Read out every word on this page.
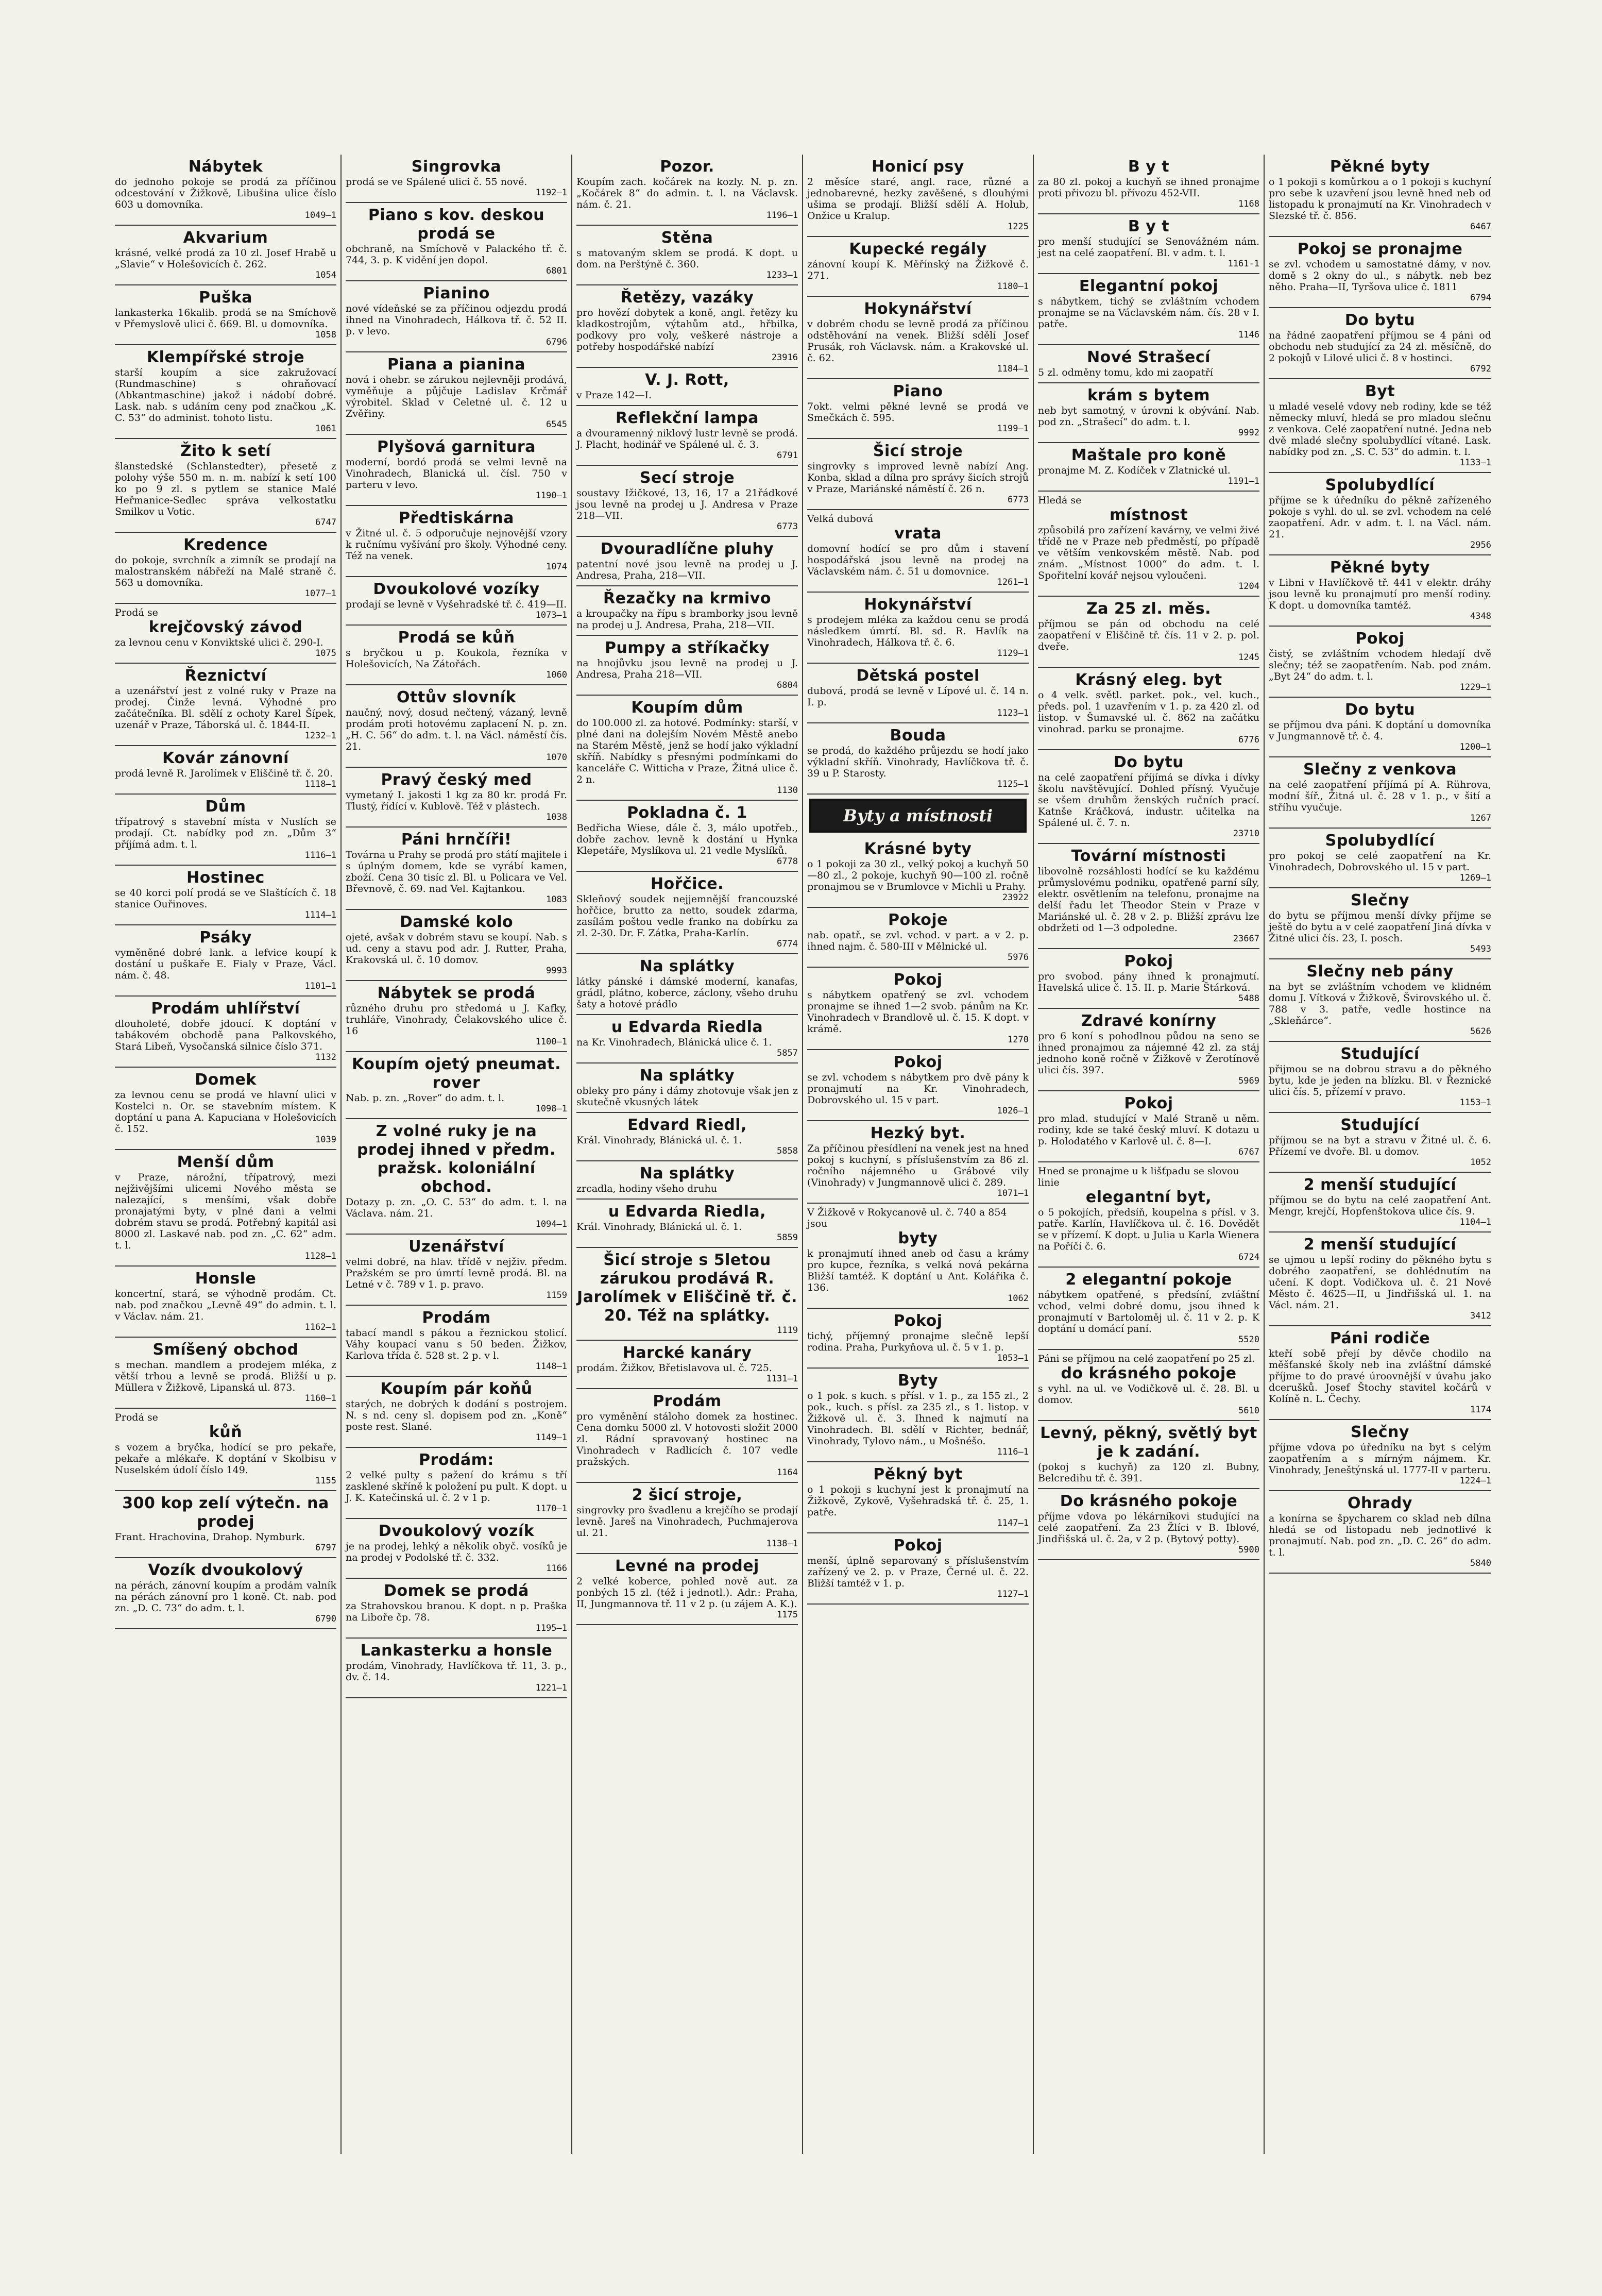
Nábytek

do jednoho pokoje se prodá za příčinou odcestování v Žižkově, Libušina ulice číslo 603 u domovníka.

1049—1
Akvarium

krásné, velké prodá za 10 zl. Josef Hrabě u „Slavie“ v Holešovicích č. 262.

1054
Puška

lankasterka 16kalib. prodá se na Smíchově v Přemyslově ulici č. 669. Bl. u domovníka.

1058
Klempířské stroje

starší koupím a sice zakružovací (Rundmaschine) s ohraňovací (Abkantmaschine) jakož i nádobí dobré. Lask. nab. s udáním ceny pod značkou „K. C. 53“ do administ. tohoto listu.

1061
Žito k setí

šlanstedské (Schlanstedter), přesetě z polohy výše 550 m. n. m. nabízí k setí 100 ko po 9 zl. s pytlem se stanice Malé Heřmanice-Sedlec správa velkostatku Smilkov u Votic.

6747
Kredence

do pokoje, svrchník a zimník se prodají na malostranském nábřeží na Malé straně č. 563 u domovníka.

1077—1
Prodá se
krejčovský závod

za levnou cenu v Konviktské ulici č. 290-I.

1075
Řeznictví

a uzenářství jest z volné ruky v Praze na prodej. Činže levná. Výhodné pro začátečníka. Bl. sdělí z ochoty Karel Šípek, uzenář v Praze, Táborská ul. č. 1844-II.

1232—1
Kovár zánovní

prodá levně R. Jarolímek v Eliščině tř. č. 20.

1118—1
Dům

třípatrový s stavební místa v Nuslích se prodají. Ct. nabídky pod zn. „Dům 3“ příjímá adm. t. l.

1116—1
Hostinec

se 40 korci polí prodá se ve Slaštících č. 18 stanice Ouřinoves.

1114—1
Psáky

vyměněné dobré lank. a lefvice koupí k dostání u puškaře E. Fialy v Praze, Václ. nám. č. 48.

1101—1
Prodám uhlířství

dlouholeté, dobře jdoucí. K doptání v tabákovém obchodě pana Palkovského, Stará Libeň, Vysočanská silnice číslo 371.

1132
Domek

za levnou cenu se prodá ve hlavní ulici v Kostelci n. Or. se stavebním místem. K doptání u pana A. Kapuciana v Holešovicích č. 152.

1039
Menší dům

v Praze, nárožní, třípatrový, mezi nejživějšími ulicemi Nového města se nalezající, s menšími, však dobře pronajatými byty, v plné dani a velmi dobrém stavu se prodá. Potřebný kapitál asi 8000 zl. Laskavé nab. pod zn. „C. 62“ adm. t. l.

1128—1
Honsle

koncertní, stará, se výhodně prodám. Ct. nab. pod značkou „Levně 49“ do admin. t. l. v Václav. nám. 21.

1162—1
Smíšený obchod

s mechan. mandlem a prodejem mléka, z větší trhou a levně se prodá. Bližší u p. Müllera v Žižkově, Lipanská ul. 873.

1160—1
Prodá se
kůň

s vozem a bryčka, hodící se pro pekaře, pekaře a mlékaře. K doptání v Skolbisu v Nuselském údolí číslo 149.

1155
300 kop zelí výtečn. na prodej

Frant. Hrachovina, Drahop. Nymburk.

6797
Vozík dvoukolový

na pérách, zánovní koupím a prodám valník na pérách zánovní pro 1 koně. Ct. nab. pod zn. „D. C. 73“ do adm. t. l.

6790
Singrovka

prodá se ve Spálené ulici č. 55 nové.

1192—1
Piano s kov. deskou prodá se

obchraně, na Smíchově v Palackého tř. č. 744, 3. p. K vidění jen dopol.

6801
Pianino

nové vídeňské se za příčinou odjezdu prodá ihned na Vinohradech, Hálkova tř. č. 52 II. p. v levo.

6796
Piana a pianina

nová i ohebr. se zárukou nejlevněji prodává, vyměňuje a půjčuje Ladislav Krčmář výrobitel. Sklad v Celetné ul. č. 12 u Zvěřiny.

6545
Plyšová garnitura

moderní, bordó prodá se velmi levně na Vinohradech, Blanická ul. čísl. 750 v parteru v levo.

1190—1
Předtiskárna

v Žitné ul. č. 5 odporučuje nejnovější vzory k ručnímu vyšívání pro školy. Výhodné ceny. Též na venek.

1074
Dvoukolové vozíky

prodají se levně v Vyšehradské tř. č. 419—II.

1073—1
Prodá se kůň

s bryčkou u p. Koukola, řezníka v Holešovicích, Na Zátořách.

1060
Ottův slovník

naučný, nový, dosud nečtený, vázaný, levně prodám proti hotovému zaplacení N. p. zn. „H. C. 56“ do adm. t. l. na Václ. náměstí čís. 21.

1070
Pravý český med

vymetaný I. jakosti 1 kg za 80 kr. prodá Fr. Tlustý, řídící v. Kublově. Též v plástech.

1038
Páni hrnčíři!

Továrna u Prahy se prodá pro státí majitele i s úplným domem, kde se vyrábí kamen, zboží. Cena 30 tisíc zl. Bl. u Policara ve Vel. Břevnově, č. 69. nad Vel. Kajtankou.

1083
Damské kolo

ojeté, avšak v dobrém stavu se koupí. Nab. s ud. ceny a stavu pod adr. J. Rutter, Praha, Krakovská ul. č. 10 domov.

9993
Nábytek se prodá

různého druhu pro středomá u J. Kafky, truhláře, Vinohrady, Čelakovského ulice č. 16

1100—1
Koupím ojetý pneumat. rover

Nab. p. zn. „Rover“ do adm. t. l.

1098—1
Z volné ruky je na prodej ihned v předm. pražsk. koloniální obchod.

Dotazy p. zn. „O. C. 53“ do adm. t. l. na Václava. nám. 21.

1094—1
Uzenářství

velmi dobré, na hlav. třídě v nejživ. předm. Pražském se pro úmrtí levně prodá. Bl. na Letné v č. 789 v 1. p. pravo.

1159
Prodám

tabací mandl s pákou a řeznickou stolicí. Váhy koupací vanu s 50 beden. Žižkov, Karlova třída č. 528 st. 2 p. v l.

1148—1
Koupím pár koňů

starých, ne dobrých k dodání s postrojem. N. s nd. ceny sl. dopisem pod zn. „Koně“ poste rest. Slané.

1149—1
Prodám:

2 velké pulty s pažení do krámu s tří zasklené skříně k položení pu pult. K dopt. u J. K. Katečinská ul. č. 2 v 1 p.

1170—1
Dvoukolový vozík

je na prodej, lehký a několik obyč. vosíků je na prodej v Podolské tř. č. 332.

1166
Domek se prodá

za Strahovskou branou. K dopt. n p. Praška na Liboře čp. 78.

1195—1
Lankasterku a honsle

prodám, Vinohrady, Havlíčkova tř. 11, 3. p., dv. č. 14.

1221—1
Pozor.

Koupím zach. kočárek na kozly. N. p. zn. „Kočárek 8“ do admin. t. l. na Václavsk. nám. č. 21.

1196—1
Stěna

s matovaným sklem se prodá. K dopt. u dom. na Perštýně č. 360.

1233—1
Řetězy, vazáky

pro hovězí dobytek a koně, angl. řetězy ku kladkostrojům, výtahům atd., hřbilka, podkovy pro voly, veškeré nástroje a potřeby hospodářské nabízí

23916
V. J. Rott,

v Praze 142—I.

Reflekční lampa

a dvouramenný niklový lustr levně se prodá. J. Placht, hodinář ve Spálené ul. č. 3.

6791
Secí stroje

soustavy Ižičkové, 13, 16, 17 a 21řádkové jsou levně na prodej u J. Andresa v Praze 218—VII.

6773
Dvouradlíčne pluhy

patentní nové jsou levně na prodej u J. Andresa, Praha, 218—VII.

Řezačky na krmivo

a kroupačky na řípu s bramborky jsou levně na prodej u J. Andresa, Praha, 218—VII.

Pumpy a stříkačky

na hnojůvku jsou levně na prodej u J. Andresa, Praha 218—VII.

6804
Koupím dům

do 100.000 zl. za hotové. Podmínky: starší, v plné dani na dolejším Novém Městě anebo na Starém Městě, jenž se hodí jako výkladní skříň. Nabídky s přesnými podmínkami do kanceláře C. Witticha v Praze, Žitná ulice č. 2 n.

1130
Pokladna č. 1

Bedřicha Wiese, dále č. 3, málo upotřeb., dobře zachov. levně k dostání u Hynka Klepetáře, Myslíkova ul. 21 vedle Myslíků.

6778
Hořčice.

Skleňový soudek nejjemnější francouzské hořčice, brutto za netto, soudek zdarma, zasílám poštou vedle franko na dobírku za zl. 2-30. Dr. F. Zátka, Praha-Karlín.

6774
Na splátky

látky pánské i dámské moderní, kanafas, grádl, plátno, koberce, záclony, všeho druhu šaty a hotové prádlo

u Edvarda Riedla

na Kr. Vinohradech, Blánická ulice č. 1.

5857
Na splátky

obleky pro pány i dámy zhotovuje však jen z skutečně vkusných látek

Edvard Riedl,

Král. Vinohrady, Blánická ul. č. 1.

5858
Na splátky

zrcadla, hodiny všeho druhu

u Edvarda Riedla,

Král. Vinohrady, Blánická ul. č. 1.

5859
Šicí stroje s 5letou zárukou prodává R. Jarolímek v Eliščině tř. č. 20. Též na splátky.
1119
Harcké kanáry

prodám. Žižkov, Břetislavova ul. č. 725.

1131—1
Prodám

pro vyměnění stáloho domek za hostinec. Cena domku 5000 zl. V hotovosti složit 2000 zl. Rádní spravovaný hostinec na Vinohradech v Radlicích č. 107 vedle pražských.

1164
2 šicí stroje,

singrovky pro švadlenu a krejčího se prodají levně. Jareš na Vinohradech, Puchmajerova ul. 21.

1138—1
Levné na prodej

2 velké koberce, pohled nově aut. za ponbých 15 zl. (též i jednotl.). Adr.: Praha, II, Jungmannova tř. 11 v 2 p. (u zájem A. K.).

1175
Honicí psy

2 měsíce staré, angl. race, různé a jednobarevné, hezky zavěšené, s dlouhými ušima se prodají. Bližší sdělí A. Holub, Onžice u Kralup.

1225
Kupecké regály

zánovní koupí K. Měřínský na Žižkově č. 271.

1180—1
Hokynářství

v dobrém chodu se levně prodá za příčinou odstěhování na venek. Bližší sdělí Josef Prusák, roh Václavsk. nám. a Krakovské ul. č. 62.

1184—1
Piano

7okt. velmi pěkné levně se prodá ve Smečkách č. 595.

1199—1
Šicí stroje

singrovky s improved levně nabízí Ang. Konba, sklad a dílna pro správy šicích strojů v Praze, Mariánské náměstí č. 26 n.

6773
Velká dubová
vrata

domovní hodící se pro dům i stavení hospodářská jsou levně na prodej na Václavském nám. č. 51 u domovnice.

1261—1
Hokynářství

s prodejem mléka za každou cenu se prodá následkem úmrtí. Bl. sd. R. Havlík na Vinohradech, Hálkova tř. č. 6.

1129—1
Dětská postel

dubová, prodá se levně v Lípové ul. č. 14 n. I. p.

1123—1
Bouda

se prodá, do každého průjezdu se hodí jako výkladní skříň. Vinohrady, Havlíčkova tř. č. 39 u P. Starosty.

1125—1
Byty a místnosti
Krásné byty

o 1 pokoji za 30 zl., velký pokoj a kuchyň 50—80 zl., 2 pokoje, kuchyň 90—100 zl. ročně pronajmou se v Brumlovce v Michli u Prahy.

23922
Pokoje

nab. opatř., se zvl. vchod. v part. a v 2. p. ihned najm. č. 580-III v Mělnické ul.

5976
Pokoj

s nábytkem opatřený se zvl. vchodem pronajme se ihned 1—2 svob. pánům na Kr. Vinohradech v Brandlově ul. č. 15. K dopt. v krámě.

1270
Pokoj

se zvl. vchodem s nábytkem pro dvě pány k pronajmutí na Kr. Vinohradech, Dobrovského ul. 15 v part.

1026—1
Hezký byt.

Za příčinou přesídlení na venek jest na hned pokoj s kuchyní, s příslušenstvím za 86 zl. ročního nájemného u Grábové vily (Vinohrady) v Jungmannově ulici č. 289.

1071—1
V Žižkově v Rokycanově ul. č. 740 a 854 jsou
byty

k pronajmutí ihned aneb od času a krámy pro kupce, řezníka, s velká nová pekárna Bližší tamtéž. K doptání u Ant. Kolářika č. 136.

1062
Pokoj

tichý, příjemný pronajme slečně lepší rodina. Praha, Purkyňova ul. č. 5 v 1. p.

1053—1
Byty

o 1 pok. s kuch. s přísl. v 1. p., za 155 zl., 2 pok., kuch. s přísl. za 235 zl., s 1. listop. v Žižkově ul. č. 3. Ihned k najmutí na Vinohradech. Bl. sdělí v Richter, bednář, Vinohrady, Tylovo nám., u Mošnéšo.

1116—1
Pěkný byt

o 1 pokoji s kuchyní jest k pronajmutí na Žižkově, Zykově, Vyšehradská tř. č. 25, 1. patře.

1147—1
Pokoj

menší, úplně separovaný s příslušenstvím zařízený ve 2. p. v Praze, Černé ul. č. 22. Bližší tamtéž v 1. p.

1127—1
B y t

za 80 zl. pokoj a kuchyň se ihned pronajme proti přivozu bl. přívozu 452-VII.

1168
B y t

pro menší studující se Senovážném nám. jest na celé zaopatření. Bl. v adm. t. l.

1161-1
Elegantní pokoj

s nábytkem, tichý se zvláštním vchodem pronajme se na Václavském nám. čís. 28 v I. patře.

1146
Nové Strašecí

5 zl. odměny tomu, kdo mi zaopatří

krám s bytem

neb byt samotný, v úrovni k obývání. Nab. pod zn. „Strašecí“ do adm. t. l.

9992
Maštale pro koně

pronajme M. Z. Kodíček v Zlatnické ul.

1191—1
Hledá se
místnost

způsobilá pro zařízení kavárny, ve velmi živé třídě ne v Praze neb předměstí, po případě ve větším venkovském městě. Nab. pod znám. „Místnost 1000“ do adm. t. l. Spořitelní kovář nejsou vyloučeni.

1204
Za 25 zl. měs.

příjmou se pán od obchodu na celé zaopatření v Eliščině tř. čís. 11 v 2. p. pol. dveře.

1245
Krásný eleg. byt

o 4 velk. světl. parket. pok., vel. kuch., předs. pol. 1 uzavřením v 1. p. za 420 zl. od listop. v Šumavské ul. č. 862 na začátku vinohrad. parku se pronajme.

6776
Do bytu

na celé zaopatření příjímá se dívka i dívky školu navštěvující. Dohled přísný. Vyučuje se všem druhům ženských ručních prací. Katnše Kráčková, industr. učitelka na Spálené ul. č. 7. n.

23710
Tovární místnosti

libovolně rozsáhlosti hodící se ku každému průmyslovému podniku, opatřené parní síly, elektr. osvětlením na telefonu, pronajme na delší řadu let Theodor Stein v Praze v Mariánské ul. č. 28 v 2. p. Bližší zprávu lze obdržeti od 1—3 odpoledne.

23667
Pokoj

pro svobod. pány ihned k pronajmutí. Havelská ulice č. 15. II. p. Marie Štárková.

5488
Zdravé konírny

pro 6 koní s pohodlnou půdou na seno se ihned pronajmou za nájemné 42 zl. za stáj jednoho koně ročně v Žižkově v Žerotínově ulici čís. 397.

5969
Pokoj

pro mlad. studující v Malé Straně u něm. rodiny, kde se také český mluví. K dotazu u p. Holodatého v Karlově ul. č. 8—I.

6767
Hned se pronajme u k lišťpadu se slovou linie
elegantní byt,

o 5 pokojích, předsíň, koupelna s přísl. v 3. patře. Karlín, Havlíčkova ul. č. 16. Dovědět se v přízemí. K dopt. u Julia u Karla Wienera na Poříčí č. 6.

6724
2 elegantní pokoje

nábytkem opatřené, s předsíní, zvláštní vchod, velmi dobré domu, jsou ihned k pronajmutí v Bartoloměj ul. č. 11 v 2. p. K doptání u domácí paní.

5520
Páni se příjmou na celé zaopatření po 25 zl.
do krásného pokoje

s vyhl. na ul. ve Vodičkově ul. č. 28. Bl. u domov.

5610
Levný, pěkný, světlý byt je k zadání.

(pokoj s kuchyň) za 120 zl. Bubny, Belcredihu tř. č. 391.

Do krásného pokoje

příjme vdova po lékárníkovi studující na celé zaopatření. Za 23 Žlíci v B. Iblové, Jindřišská ul. č. 2a, v 2 p. (Bytový potty).

5900
Pěkné byty

o 1 pokoji s komůrkou a o 1 pokoji s kuchyní pro sebe k uzavření jsou levně hned neb od listopadu k pronajmutí na Kr. Vinohradech v Slezské tř. č. 856.

6467
Pokoj se pronajme

se zvl. vchodem u samostatné dámy, v nov. domě s 2 okny do ul., s nábytk. neb bez něho. Praha—II, Tyršova ulice č. 1811

6794
Do bytu

na řádné zaopatření příjmou se 4 páni od obchodu neb studující za 24 zl. měsíčně, do 2 pokojů v Lilové ulici č. 8 v hostinci.

6792
Byt

u mladé veselé vdovy neb rodiny, kde se též německy mluví, hledá se pro mladou slečnu z venkova. Celé zaopatření nutné. Jedna neb dvě mladé slečny spolubydlící vítané. Lask. nabídky pod zn. „S. C. 53“ do admin. t. l.

1133—1
Spolubydlící

příjme se k úředníku do pěkně zařízeného pokoje s vyhl. do ul. se zvl. vchodem na celé zaopatření. Adr. v adm. t. l. na Václ. nám. 21.

2956
Pěkné byty

v Libni v Havlíčkově tř. 441 v elektr. dráhy jsou levně ku pronajmutí pro menší rodiny. K dopt. u domovníka tamtéž.

4348
Pokoj

čistý, se zvláštním vchodem hledají dvě slečny; též se zaopatřením. Nab. pod znám. „Byt 24“ do adm. t. l.

1229—1
Do bytu

se příjmou dva páni. K doptání u domovníka v Jungmannově tř. č. 4.

1200—1
Slečny z venkova

na celé zaopatření příjímá pí A. Rührova, modní šíř., Žitná ul. č. 28 v 1. p., v šití a stříhu vyučuje.

1267
Spolubydlící

pro pokoj se celé zaopatření na Kr. Vinohradech, Dobrovského ul. 15 v part.

1269—1
Slečny

do bytu se příjmou menší dívky příjme se ještě do bytu a v celé zaopatření Jiná dívka v Žitné ulici čís. 23, I. posch.

5493
Slečny neb pány

na byt se zvláštním vchodem ve klidném domu J. Vítková v Žižkově, Švirovského ul. č. 788 v 3. patře, vedle hostince na „Skleňárce“.

5626
Studující

přijmou se na dobrou stravu a do pěkného bytu, kde je jeden na blízku. Bl. v Řeznické ulici čís. 5, přízemí v pravo.

1153—1
Studující

příjmou se na byt a stravu v Žitné ul. č. 6. Přízemí ve dvoře. Bl. u domov.

1052
2 menší studující

příjmou se do bytu na celé zaopatření Ant. Mengr, krejčí, Hopfenštokova ulice čís. 9.

1104—1
2 menší studující

se ujmou u lepší rodiny do pěkného bytu s dobrého zaopatření, se dohlédnutím na učení. K dopt. Vodičkova ul. č. 21 Nové Město č. 4625—II, u Jindřišská ul. 1. na Václ. nám. 21.

3412
Páni rodiče

kteří sobě přejí by děvče chodilo na měšťanské školy neb ina zvláštní dámské příjme to do pravé úroovnější v úvahu jako dcerušků. Josef Štochy stavitel kočárů v Kolíně n. L. Čechy.

1174
Slečny

příjme vdova po úředníku na byt s celým zaopatřením a s mírným nájmem. Kr. Vinohrady, Jeneštýnská ul. 1777-II v parteru.

1224—1
Ohrady

a konírna se špycharem co sklad neb dílna hledá se od listopadu neb jednotlivé k pronajmutí. Nab. pod zn. „D. C. 26“ do adm. t. l.

5840
